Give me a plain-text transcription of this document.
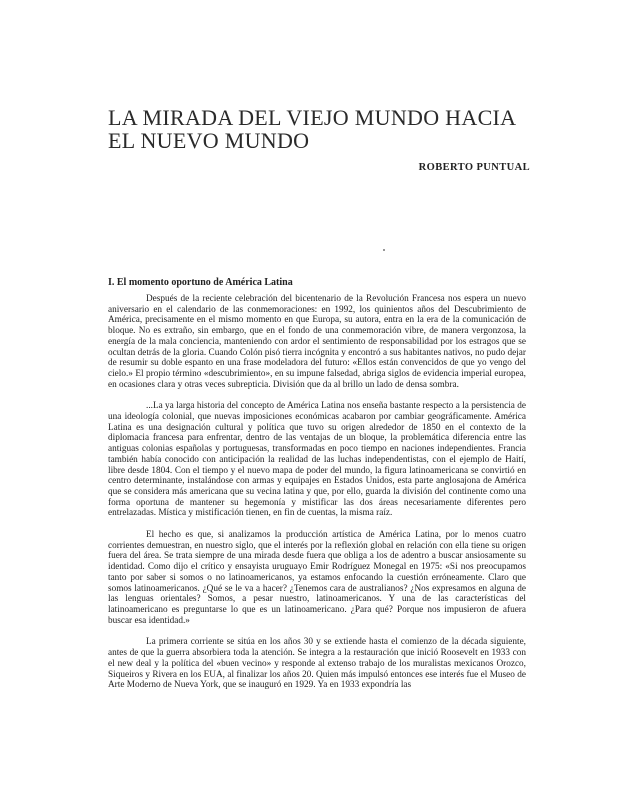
LA MIRADA DEL VIEJO MUNDO HACIA
EL NUEVO MUNDO
ROBERTO PUNTUAL
I. El momento oportuno de América Latina

Después de la reciente celebración del bicentenario de la Revolución Francesa nos espera un nuevo aniversario en el calendario de las conmemoraciones: en 1992, los quinientos años del Descubrimiento de América, precisamente en el mismo momento en que Europa, su autora, entra en la era de la comunicación de bloque. No es extraño, sin embargo, que en el fondo de una conmemoración vibre, de manera vergonzosa, la energía de la mala conciencia, manteniendo con ardor el sentimiento de responsabilidad por los estragos que se ocultan detrás de la gloria. Cuando Colón pisó tierra incógnita y encontró a sus habitantes nativos, no pudo dejar de resumir su doble espanto en una frase modeladora del futuro: «Ellos están convencidos de que yo vengo del cielo.» El propio término «descubrimiento», en su impune falsedad, abriga siglos de evidencia imperial europea, en ocasiones clara y otras veces subrepticia. División que da al brillo un lado de densa sombra.

...La ya larga historia del concepto de América Latina nos enseña bastante respecto a la persistencia de una ideología colonial, que nuevas imposiciones económicas acabaron por cambiar geográficamente. América Latina es una designación cultural y política que tuvo su origen alrededor de 1850 en el contexto de la diplomacia francesa para enfrentar, dentro de las ventajas de un bloque, la problemática diferencia entre las antiguas colonias españolas y portuguesas, transformadas en poco tiempo en naciones independientes. Francia también había conocido con anticipación la realidad de las luchas independentistas, con el ejemplo de Haití, libre desde 1804. Con el tiempo y el nuevo mapa de poder del mundo, la figura latinoamericana se convirtió en centro determinante, instalándose con armas y equipajes en Estados Unidos, esta parte anglosajona de América que se considera más americana que su vecina latina y que, por ello, guarda la división del continente como una forma oportuna de mantener su hegemonía y mistificar las dos áreas necesariamente diferentes pero entrelazadas. Mística y mistificación tienen, en fin de cuentas, la misma raíz.

El hecho es que, si analizamos la producción artística de América Latina, por lo menos cuatro corrientes demuestran, en nuestro siglo, que el interés por la reflexión global en relación con ella tiene su origen fuera del área. Se trata siempre de una mirada desde fuera que obliga a los de adentro a buscar ansiosamente su identidad. Como dijo el crítico y ensayista uruguayo Emir Rodríguez Monegal en 1975: «Si nos preocupamos tanto por saber si somos o no latinoamericanos, ya estamos enfocando la cuestión erróneamente. Claro que somos latinoamericanos. ¿Qué se le va a hacer? ¿Tenemos cara de australianos? ¿Nos expresamos en alguna de las lenguas orientales? Somos, a pesar nuestro, latinoamericanos. Y una de las características del latinoamericano es preguntarse lo que es un latinoamericano. ¿Para qué? Porque nos impusieron de afuera buscar esa identidad.»

La primera corriente se sitúa en los años 30 y se extiende hasta el comienzo de la década siguiente, antes de que la guerra absorbiera toda la atención. Se integra a la restauración que inició Roosevelt en 1933 con el new deal y la política del «buen vecino» y responde al extenso trabajo de los muralistas mexicanos Orozco, Siqueiros y Rivera en los EUA, al finalizar los años 20. Quien más impulsó entonces ese interés fue el Museo de Arte Moderno de Nueva York, que se inauguró en 1929. Ya en 1933 expondría las
